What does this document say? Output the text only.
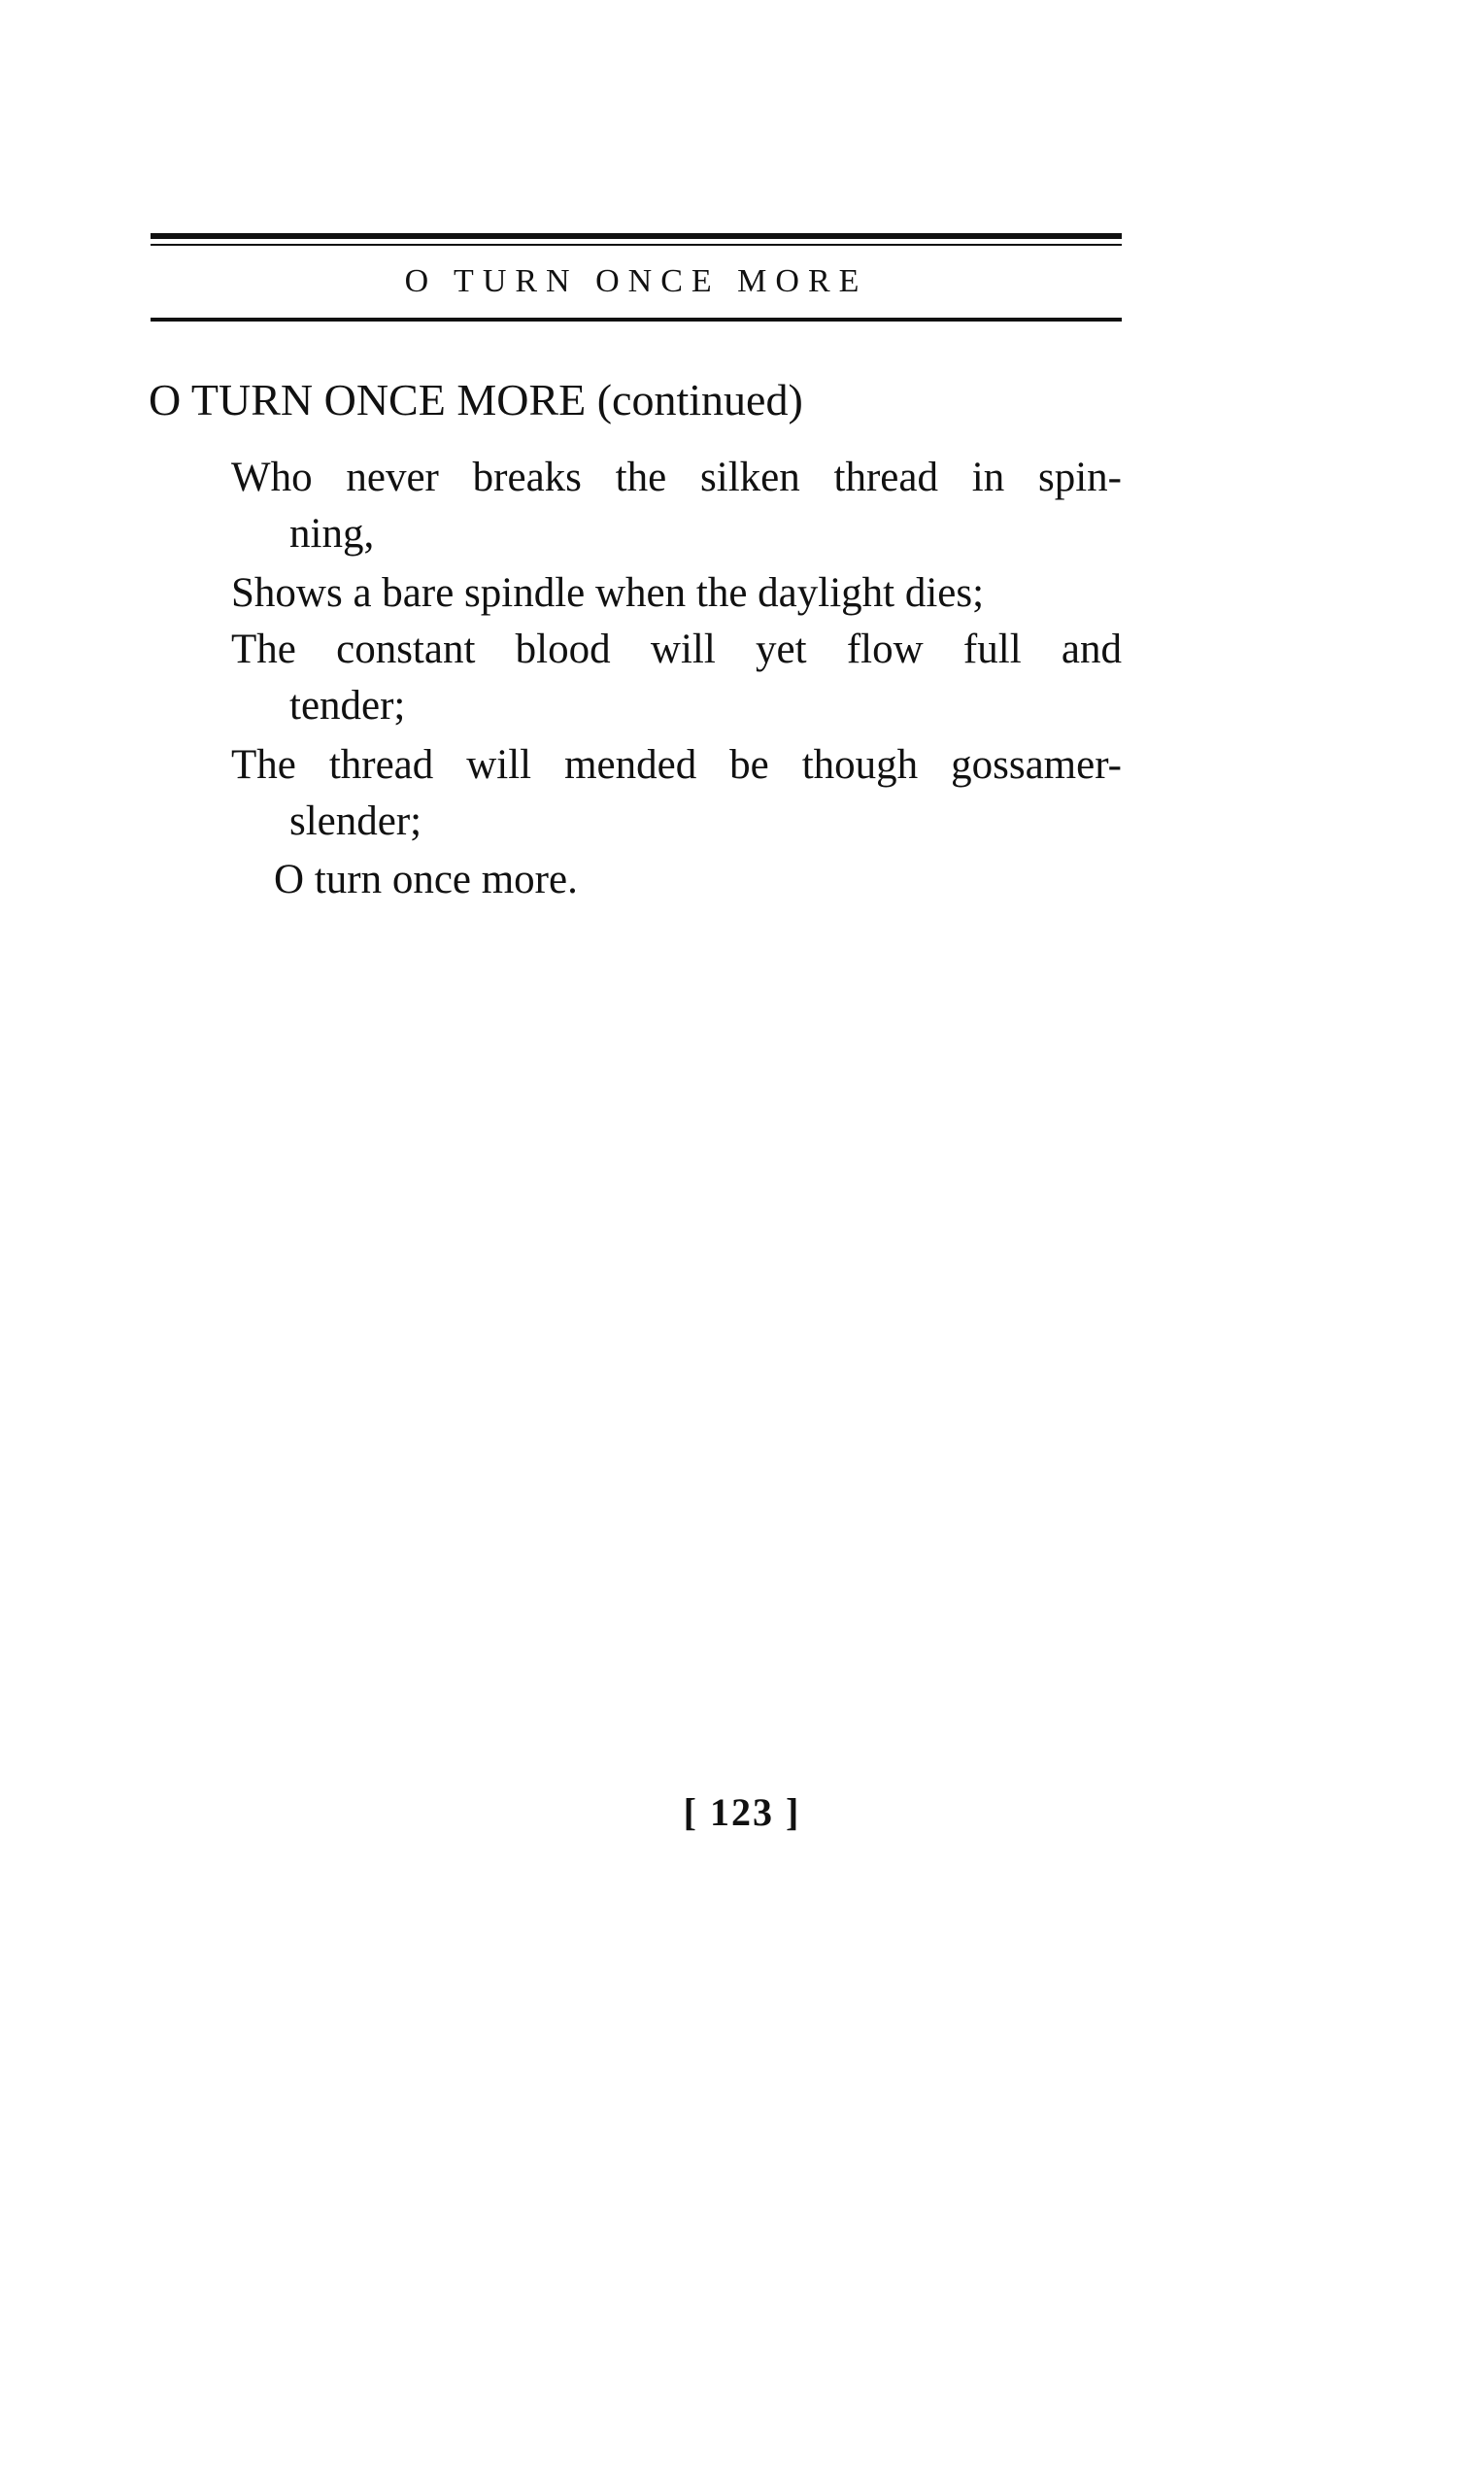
O TURN ONCE MORE
O TURN ONCE MORE (continued)
Who never breaks the silken thread in spin-
ning,
Shows a bare spindle when the daylight dies;
The constant blood will yet flow full and
tender;
The thread will mended be though gossamer-
slender;
O turn once more.
[ 123 ]
